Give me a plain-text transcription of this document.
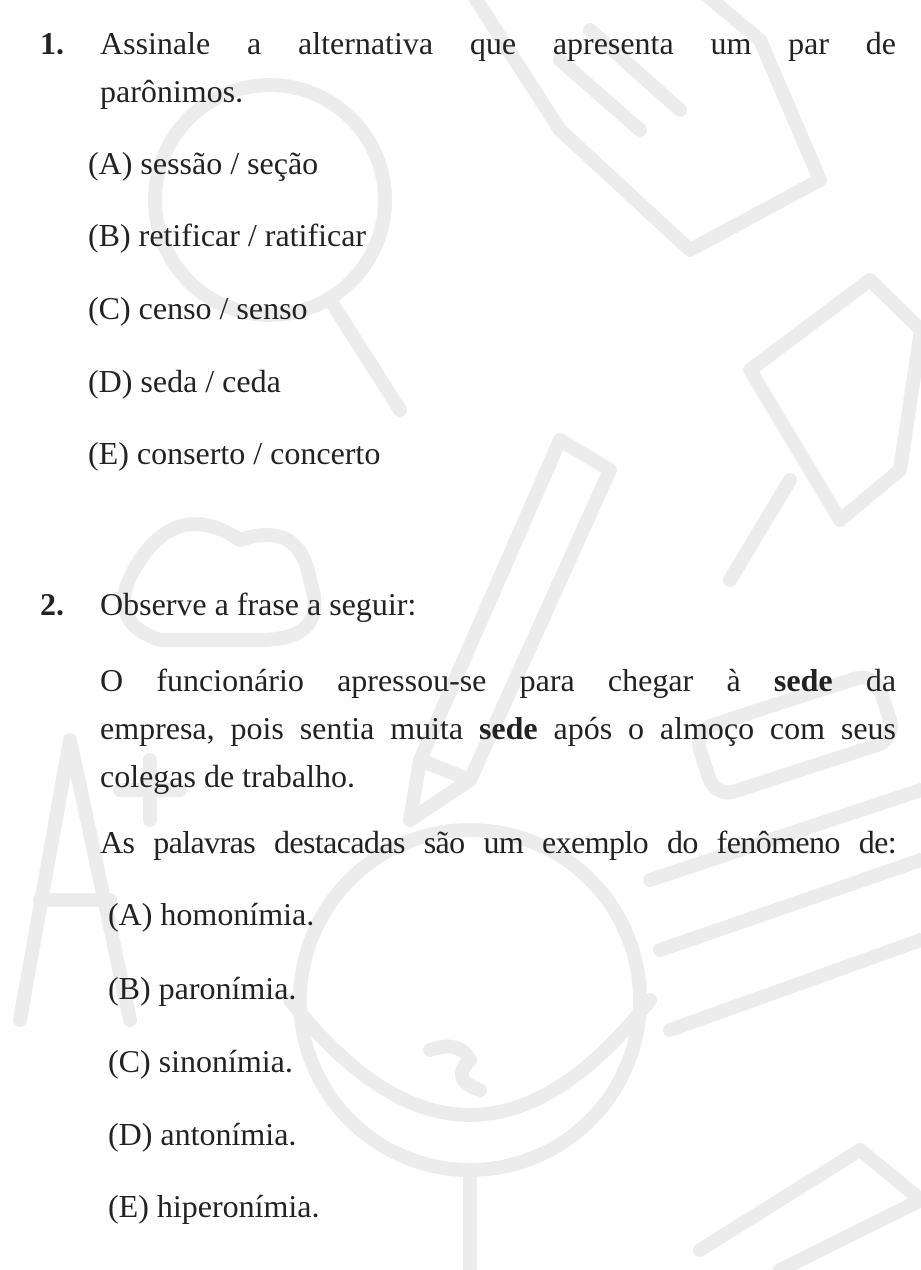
1. Assinale a alternativa que apresenta um par de
parônimos.
(A) sessão / seção
(B) retificar / ratificar
(C) censo / senso
(D) seda / ceda
(E) conserto / concerto
2. Observe a frase a seguir:
O funcionário apressou-se para chegar à sede da
empresa, pois sentia muita sede após o almoço com seus
colegas de trabalho.
As palavras destacadas são um exemplo do fenômeno de:
(A) homonímia.
(B) paronímia.
(C) sinonímia.
(D) antonímia.
(E) hiperonímia.
